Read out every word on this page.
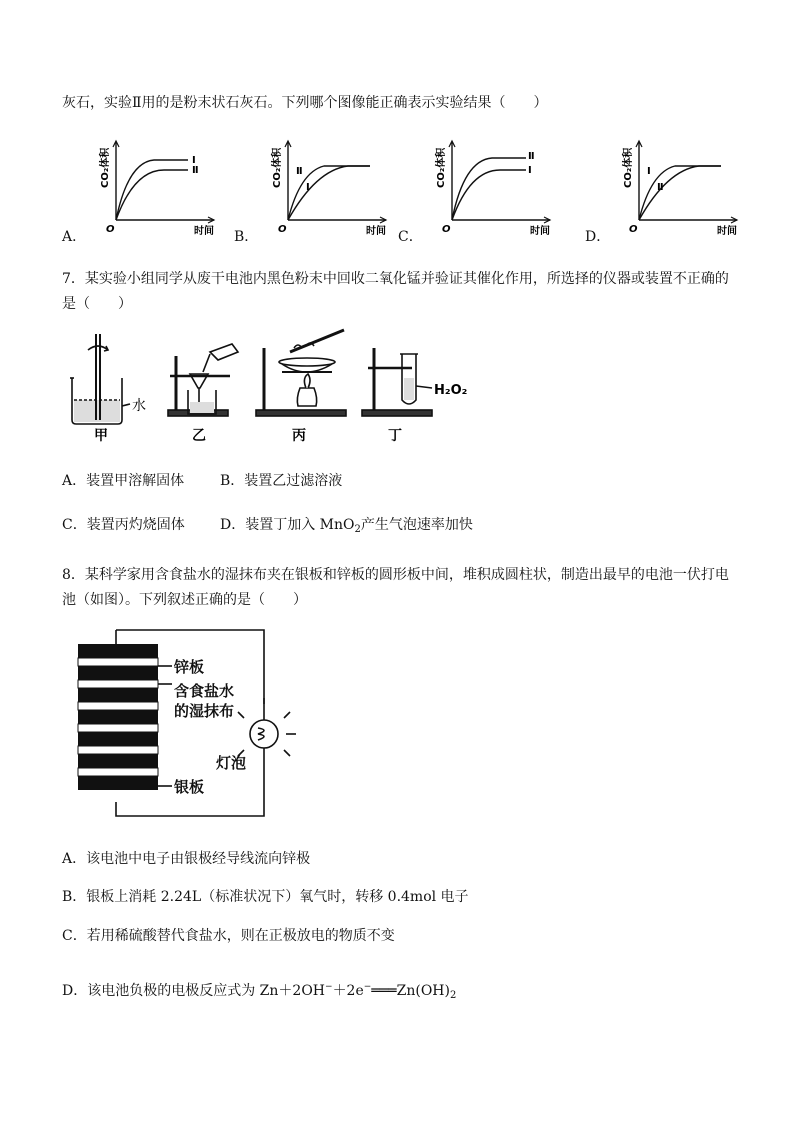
灰石，实验Ⅱ用的是粉末状石灰石。下列哪个图像能正确表示实验结果（　　）
A．
CO₂体积
时间
O
Ⅰ
Ⅱ
B．
CO₂体积
时间
O
Ⅱ
Ⅰ
C．
CO₂体积
时间
O
Ⅱ
Ⅰ
D．
CO₂体积
时间
O
Ⅰ
Ⅱ
7．某实验小组同学从废干电池内黑色粉末中回收二氧化锰并验证其催化作用，所选择的仪器或装置不正确的
是（　　）
水
甲	乙	丙
H₂O₂
丁
A．装置甲溶解固体	B．装置乙过滤溶液
C．装置丙灼烧固体	D．装置丁加入 MnO$_2$产生气泡速率加快
8．某科学家用含食盐水的湿抹布夹在银板和锌板的圆形板中间，堆积成圆柱状，制造出最早的电池一伏打电
池（如图）。下列叙述正确的是（　　）
锌板
含食盐水
的湿抹布
灯泡
银板
A．该电池中电子由银极经导线流向锌极
B．银板上消耗 2.24L（标准状况下）氧气时，转移 0.4mol 电子
C．若用稀硫酸替代食盐水，则在正极放电的物质不变
D．该电池负极的电极反应式为 $Zn+2OH^-+2e^-═══Zn(OH)_2$
